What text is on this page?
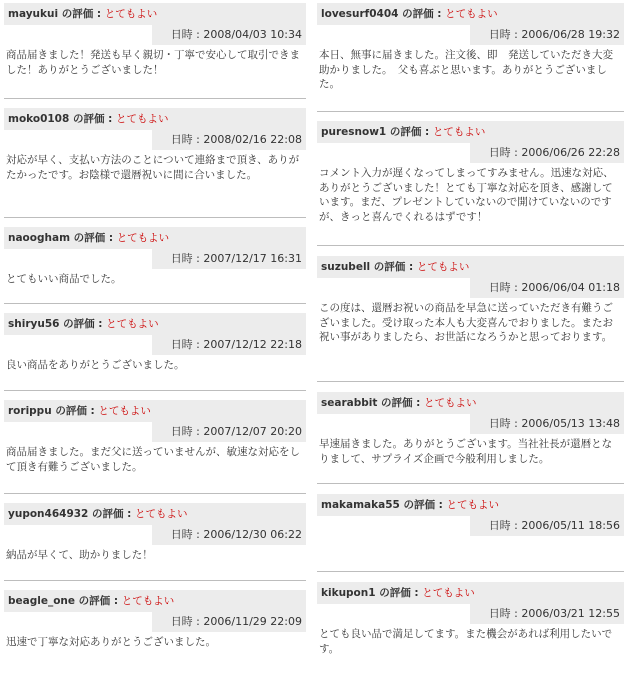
mayukui の評価 : とてもよい
日時 : 2008/04/03 10:34
商品届きました！発送も早く親切・丁寧で安心して取引できました！ありがとうございました！
moko0108 の評価 : とてもよい
日時 : 2008/02/16 22:08
対応が早く、支払い方法のことについて連絡まで頂き、ありがたかったです。お陰様で還暦祝いに間に合いました。
naoogham の評価 : とてもよい
日時 : 2007/12/17 16:31
とてもいい商品でした。
shiryu56 の評価 : とてもよい
日時 : 2007/12/12 22:18
良い商品をありがとうございました。
rorippu の評価 : とてもよい
日時 : 2007/12/07 20:20
商品届きました。まだ父に送っていませんが、敏速な対応をして頂き有難うございました。
yupon464932 の評価 : とてもよい
日時 : 2006/12/30 06:22
納品が早くて、助かりました！
beagle_one の評価 : とてもよい
日時 : 2006/11/29 22:09
迅速で丁寧な対応ありがとうございました。
lovesurf0404 の評価 : とてもよい
日時 : 2006/06/28 19:32
本日、無事に届きました。注文後、即　発送していただき大変助かりました。　父も喜ぶと思います。ありがとうございました。
puresnow1 の評価 : とてもよい
日時 : 2006/06/26 22:28
コメント入力が遅くなってしまってすみません。迅速な対応、ありがとうございました！とても丁寧な対応を頂き、感謝しています。まだ、プレゼントしていないので開けていないのですが、きっと喜んでくれるはずです！
suzubell の評価 : とてもよい
日時 : 2006/06/04 01:18
この度は、還暦お祝いの商品を早急に送っていただき有難うございました。受け取った本人も大変喜んでおりました。またお祝い事がありましたら、お世話になろうかと思っております。
searabbit の評価 : とてもよい
日時 : 2006/05/13 13:48
早速届きました。ありがとうございます。当社社長が還暦となりまして、サプライズ企画で今般利用しました。
makamaka55 の評価 : とてもよい
日時 : 2006/05/11 18:56
kikupon1 の評価 : とてもよい
日時 : 2006/03/21 12:55
とても良い品で満足してます。また機会があれば利用したいです。
